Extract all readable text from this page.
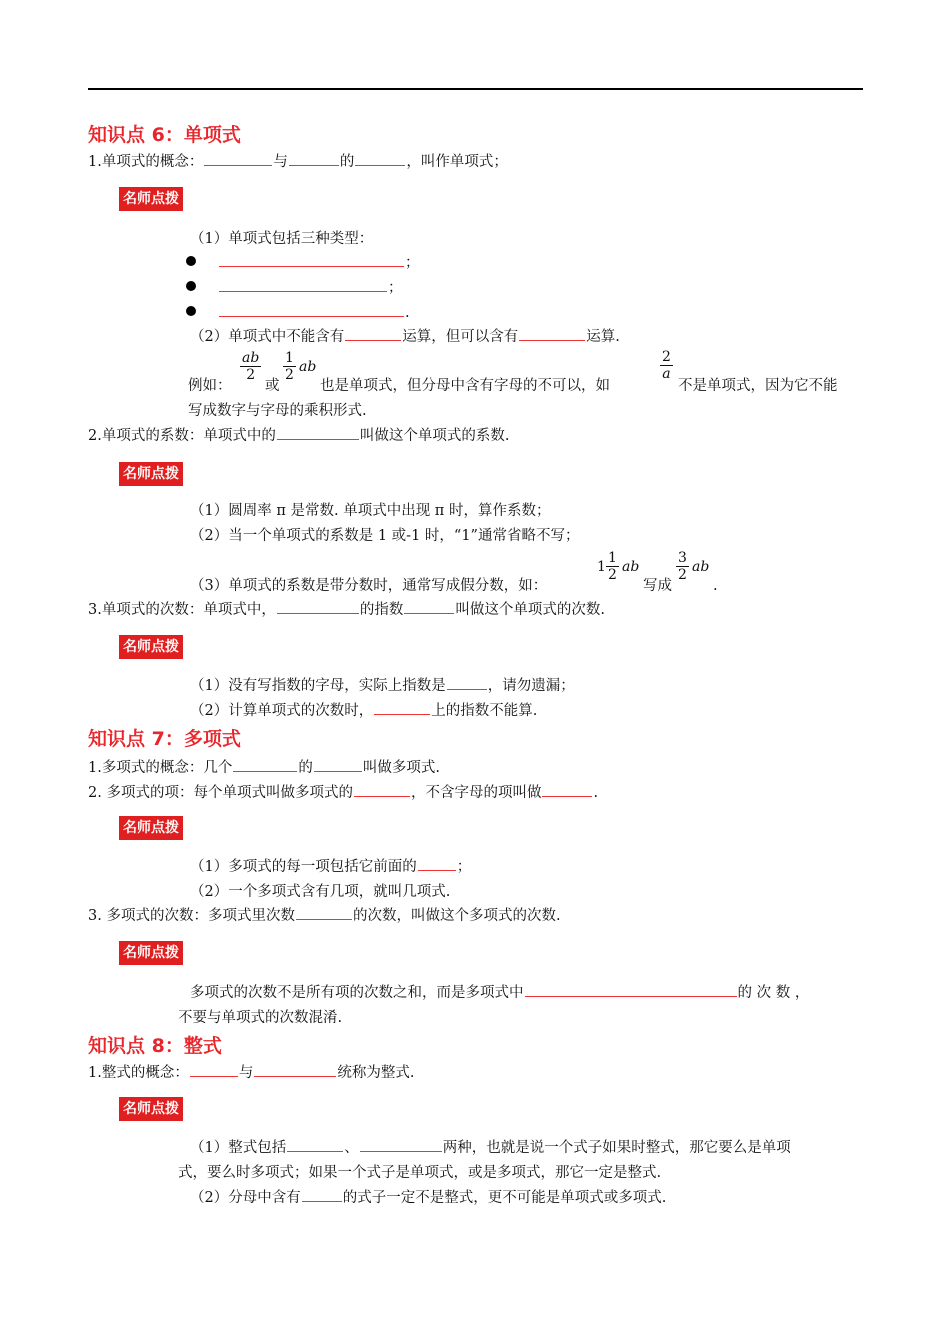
知识点 6：单项式
1.单项式的概念：	与	的	，叫作单项式；
名师点拨
（1）单项式包括三种类型：
；
；
.
（2）单项式中不能含有	运算，但可以含有	运算.
$\frac{ab}{2} \frac{1}{2}$ ab	$\frac{2}{a}$
例如： 或	也是单项式，但分母中含有字母的不可以，如	不是单项式，因为它不能
写成数字与字母的乘积形式.
2.单项式的系数：单项式中的	叫做这个单项式的系数.
名师点拨
（1）圆周率 π 是常数. 单项式中出现 π 时，算作系数；
（2）当一个单项式的系数是 1 或-1 时，“1”通常省略不写；
$1 \frac{1}{2}$ ab	$\frac{3}{2}$ ab
（3）单项式的系数是带分数时，通常写成假分数，如：	写成	.
3.单项式的次数：单项式中，	的指数	叫做这个单项式的次数.
名师点拨
（1）没有写指数的字母，实际上指数是	，请勿遗漏；
（2）计算单项式的次数时，	上的指数不能算.
知识点 7：多项式
1.多项式的概念：几个	的	叫做多项式.
2. 多项式的项：每个单项式叫做多项式的	，不含字母的项叫做	.
名师点拨
（1）多项式的每一项包括它前面的	；
（2）一个多项式含有几项，就叫几项式.
3. 多项式的次数：多项式里次数	的次数，叫做这个多项式的次数.
名师点拨
多项式的次数不是所有项的次数之和，而是多项式中	的 次 数 ，
不要与单项式的次数混淆.
知识点 8：整式
1.整式的概念：	与	统称为整式.
名师点拨
（1）整式包括	、	两种，也就是说一个式子如果时整式，那它要么是单项
式，要么时多项式；如果一个式子是单项式，或是多项式，那它一定是整式.
（2）分母中含有	的式子一定不是整式，更不可能是单项式或多项式.
